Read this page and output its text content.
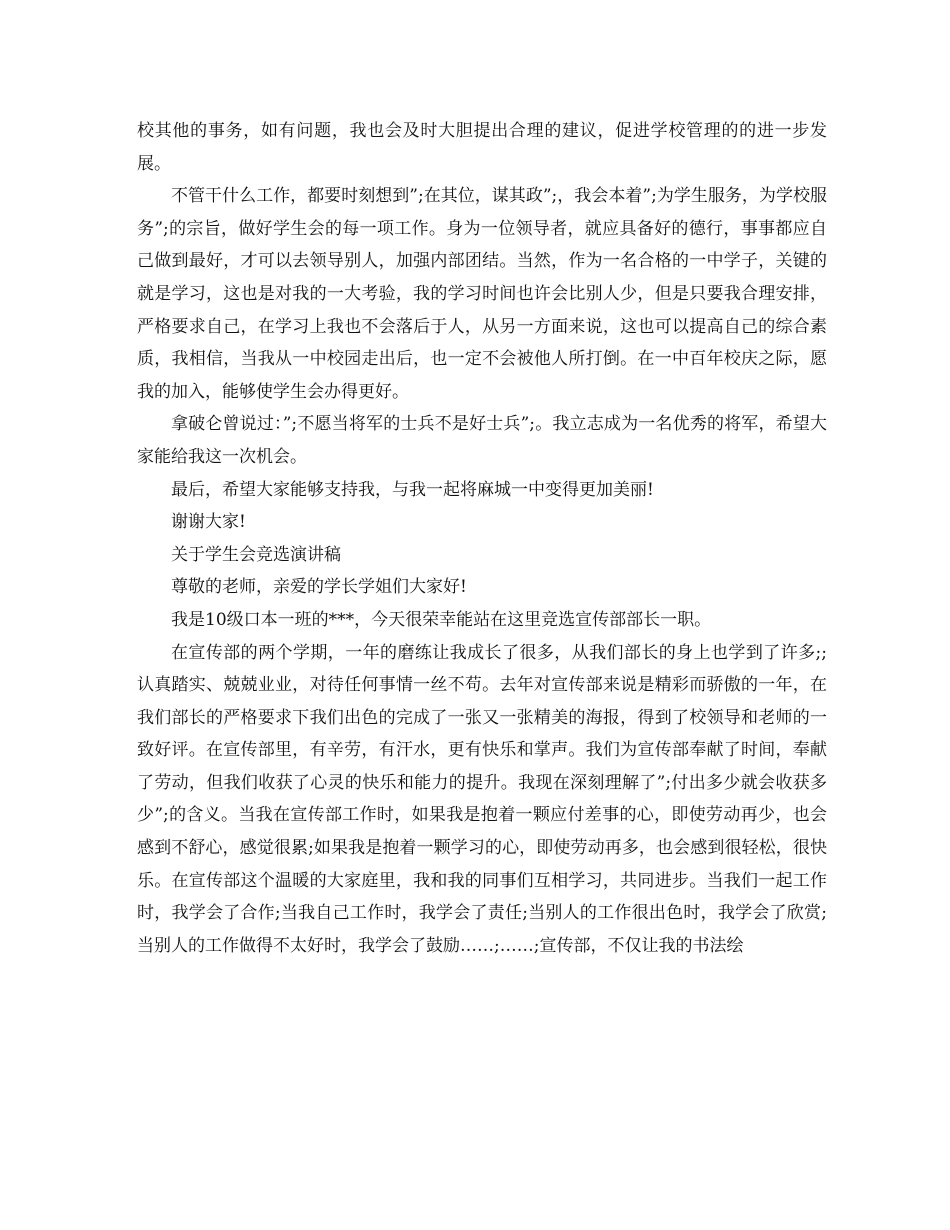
校其他的事务，如有问题，我也会及时大胆提出合理的建议，促进学校管理的的进一步发展。

不管干什么工作，都要时刻想到”;在其位，谋其政”;，我会本着”;为学生服务，为学校服务”;的宗旨，做好学生会的每一项工作。身为一位领导者，就应具备好的德行，事事都应自己做到最好，才可以去领导别人，加强内部团结。当然，作为一名合格的一中学子，关键的就是学习，这也是对我的一大考验，我的学习时间也许会比别人少，但是只要我合理安排，严格要求自己，在学习上我也不会落后于人，从另一方面来说，这也可以提高自己的综合素质，我相信，当我从一中校园走出后，也一定不会被他人所打倒。在一中百年校庆之际，愿我的加入，能够使学生会办得更好。

拿破仑曾说过：”;不愿当将军的士兵不是好士兵”;。我立志成为一名优秀的将军，希望大家能给我这一次机会。

最后，希望大家能够支持我，与我一起将麻城一中变得更加美丽!

谢谢大家!

关于学生会竞选演讲稿

尊敬的老师，亲爱的学长学姐们大家好!

我是10级口本一班的***，今天很荣幸能站在这里竞选宣传部部长一职。

在宣传部的两个学期，一年的磨练让我成长了很多，从我们部长的身上也学到了许多;;认真踏实、兢兢业业，对待任何事情一丝不苟。去年对宣传部来说是精彩而骄傲的一年，在我们部长的严格要求下我们出色的完成了一张又一张精美的海报，得到了校领导和老师的一致好评。在宣传部里，有辛劳，有汗水，更有快乐和掌声。我们为宣传部奉献了时间，奉献了劳动，但我们收获了心灵的快乐和能力的提升。我现在深刻理解了”;付出多少就会收获多少”;的含义。当我在宣传部工作时，如果我是抱着一颗应付差事的心，即使劳动再少，也会感到不舒心，感觉很累;如果我是抱着一颗学习的心，即使劳动再多，也会感到很轻松，很快乐。在宣传部这个温暖的大家庭里，我和我的同事们互相学习，共同进步。当我们一起工作时，我学会了合作;当我自己工作时，我学会了责任;当别人的工作很出色时，我学会了欣赏;当别人的工作做得不太好时，我学会了鼓励……;……;宣传部，不仅让我的书法绘
